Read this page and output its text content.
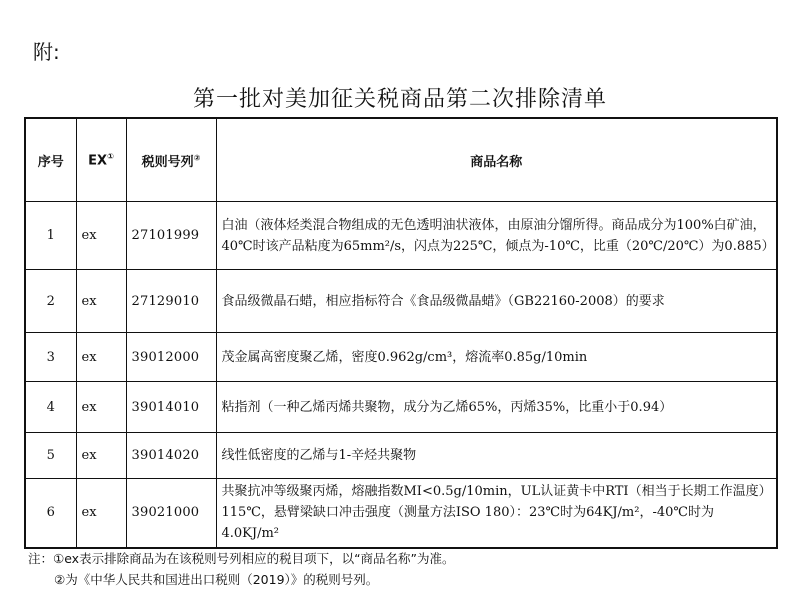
附:
第一批对美加征关税商品第二次排除清单
序号	EX①	税则号列②	商品名称
1	ex	27101999	白油（液体烃类混合物组成的无色透明油状液体，由原油分馏所得。商品成分为100%白矿油，40℃时该产品粘度为65mm²/s，闪点为225℃，倾点为-10℃，比重（20℃/20℃）为0.885）
2	ex	27129010	食品级微晶石蜡，相应指标符合《食品级微晶蜡》（GB22160-2008）的要求
3	ex	39012000	茂金属高密度聚乙烯，密度0.962g/cm³，熔流率0.85g/10min
4	ex	39014010	粘指剂（一种乙烯丙烯共聚物，成分为乙烯65%，丙烯35%，比重小于0.94）
5	ex	39014020	线性低密度的乙烯与1-辛烃共聚物
6	ex	39021000	共聚抗冲等级聚丙烯，熔融指数MI<0.5g/10min，UL认证黄卡中RTI（相当于长期工作温度）115℃，悬臂梁缺口冲击强度（测量方法ISO 180）：23℃时为64KJ/m²，-40℃时为4.0KJ/m²
注：①ex表示排除商品为在该税则号列相应的税目项下，以“商品名称”为准。
②为《中华人民共和国进出口税则（2019）》的税则号列。
